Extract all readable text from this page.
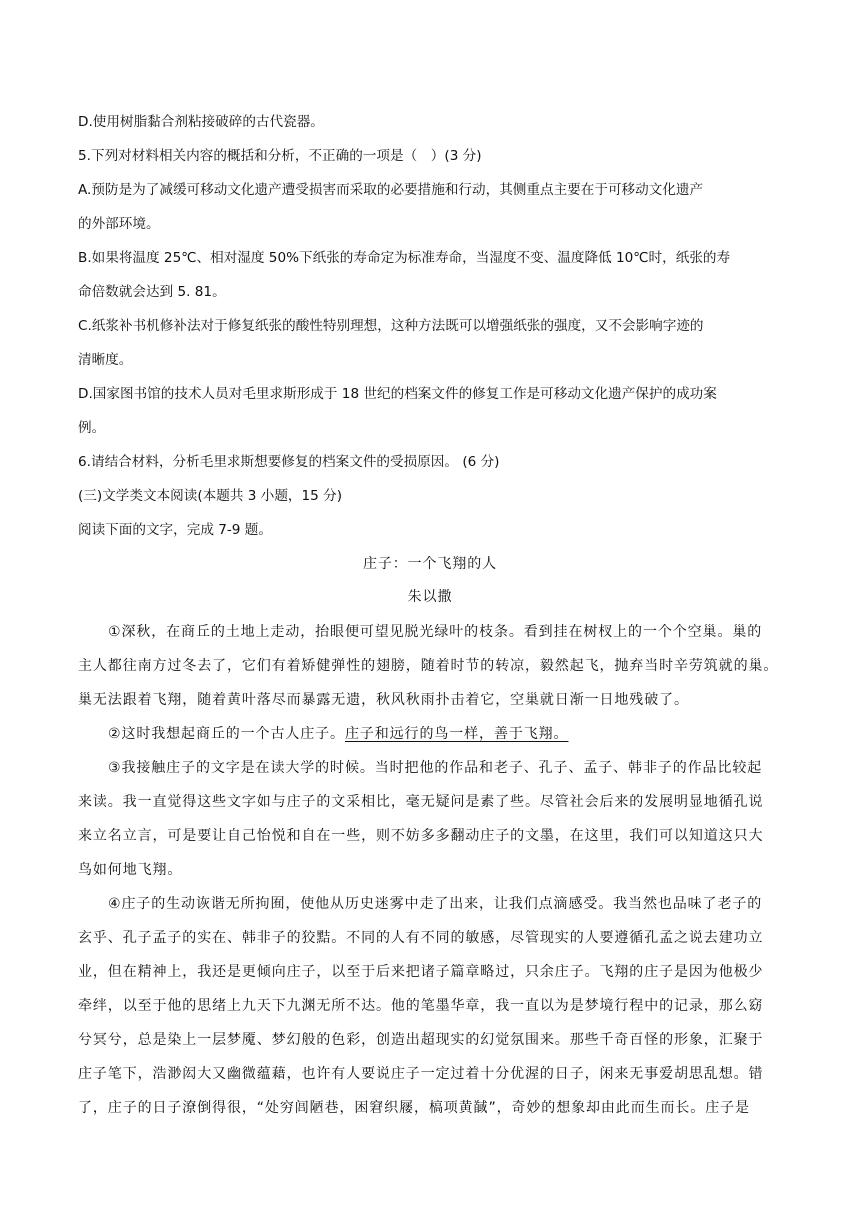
D.使用树脂黏合剂粘接破碎的古代瓷器。
5.下列对材料相关内容的概括和分析，不正确的一项是（　）(3 分)
A.预防是为了减缓可移动文化遗产遭受损害而采取的必要措施和行动，其侧重点主要在于可移动文化遗产
的外部环境。
B.如果将温度 25℃、相对湿度 50%下纸张的寿命定为标准寿命，当湿度不变、温度降低 10℃时，纸张的寿
命倍数就会达到 5. 81。
C.纸浆补书机修补法对于修复纸张的酸性特别理想，这种方法既可以增强纸张的强度，又不会影响字迹的
清晰度。
D.国家图书馆的技术人员对毛里求斯形成于 18 世纪的档案文件的修复工作是可移动文化遗产保护的成功案
例。
6.请结合材料，分析毛里求斯想要修复的档案文件的受损原因。 (6 分)
(三)文学类文本阅读(本题共 3 小题，15 分)
阅读下面的文字，完成 7-9 题。
庄子：一个飞翔的人
朱以撒
①深秋，在商丘的土地上走动，抬眼便可望见脱光绿叶的枝条。看到挂在树杈上的一个个空巢。巢的
主人都往南方过冬去了，它们有着矫健弹性的翅膀，随着时节的转凉，毅然起飞，抛弃当时辛劳筑就的巢。
巢无法跟着飞翔，随着黄叶落尽而暴露无遗，秋风秋雨扑击着它，空巢就日渐一日地残破了。
②这时我想起商丘的一个古人庄子。庄子和远行的鸟一样，善于飞翔。
③我接触庄子的文字是在读大学的时候。当时把他的作品和老子、孔子、孟子、韩非子的作品比较起
来读。我一直觉得这些文字如与庄子的文采相比，毫无疑问是素了些。尽管社会后来的发展明显地循孔说
来立名立言，可是要让自己怡悦和自在一些，则不妨多多翻动庄子的文墨，在这里，我们可以知道这只大
鸟如何地飞翔。
④庄子的生动诙谐无所拘囿，使他从历史迷雾中走了出来，让我们点滴感受。我当然也品味了老子的
玄乎、孔子孟子的实在、韩非子的狡黠。不同的人有不同的敏感，尽管现实的人要遵循孔孟之说去建功立
业，但在精神上，我还是更倾向庄子，以至于后来把诸子篇章略过，只余庄子。飞翔的庄子是因为他极少
牵绊，以至于他的思绪上九天下九渊无所不达。他的笔墨华章，我一直以为是梦境行程中的记录，那么窈
兮冥兮，总是染上一层梦魇、梦幻般的色彩，创造出超现实的幻觉氛围来。那些千奇百怪的形象，汇聚于
庄子笔下，浩渺闳大又幽微蕴藉，也许有人要说庄子一定过着十分优渥的日子，闲来无事爱胡思乱想。错
了，庄子的日子潦倒得很，“处穷闾陋巷，困窘织屦，槁项黄馘”，奇妙的想象却由此而生而长。庄子是
